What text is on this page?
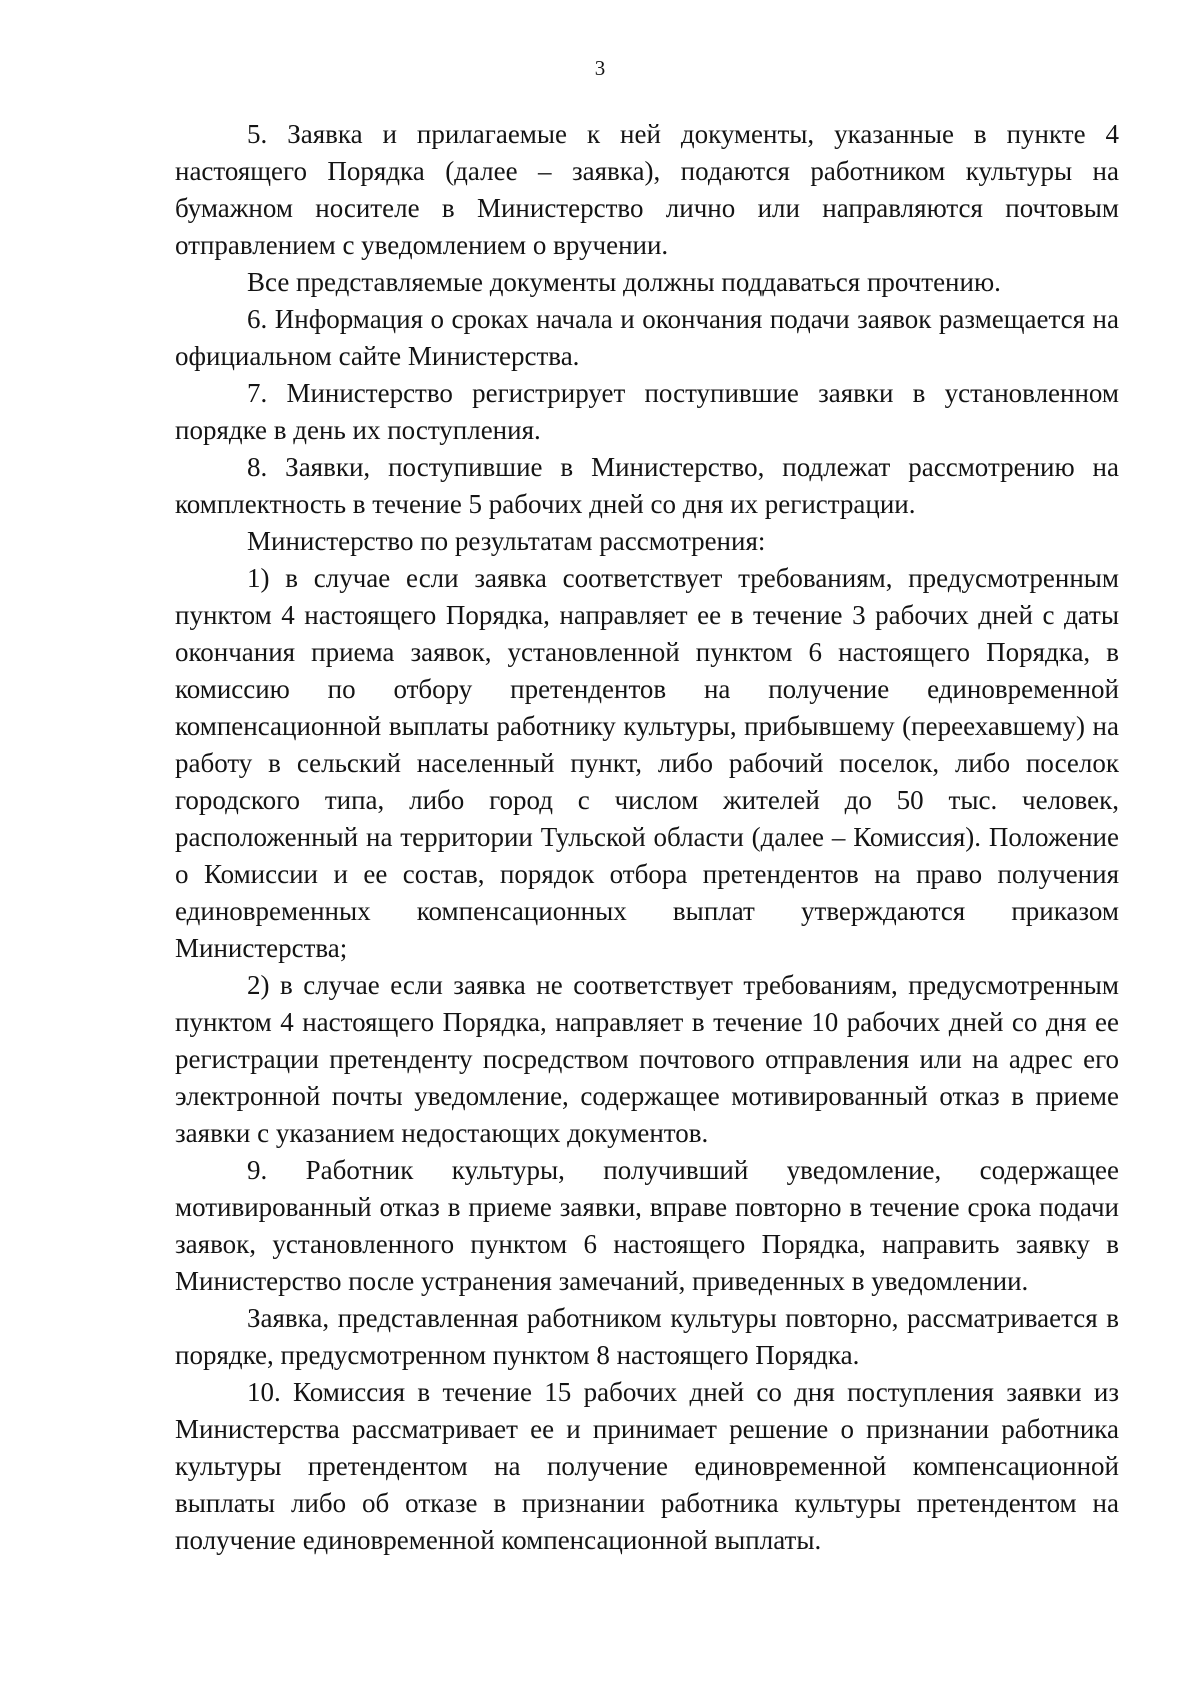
3

5. Заявка и прилагаемые к ней документы, указанные в пункте 4 настоящего Порядка (далее – заявка), подаются работником культуры на бумажном носителе в Министерство лично или направляются почтовым отправлением с уведомлением о вручении.

Все представляемые документы должны поддаваться прочтению.

6. Информация о сроках начала и окончания подачи заявок размещается на официальном сайте Министерства.

7. Министерство регистрирует поступившие заявки в установленном порядке в день их поступления.

8. Заявки, поступившие в Министерство, подлежат рассмотрению на комплектность в течение 5 рабочих дней со дня их регистрации.

Министерство по результатам рассмотрения:

1) в случае если заявка соответствует требованиям, предусмотренным пунктом 4 настоящего Порядка, направляет ее в течение 3 рабочих дней с даты окончания приема заявок, установленной пунктом 6 настоящего Порядка, в комиссию по отбору претендентов на получение единовременной компенсационной выплаты работнику культуры, прибывшему (переехавшему) на работу в сельский населенный пункт, либо рабочий поселок, либо поселок городского типа, либо город с числом жителей до 50 тыс. человек, расположенный на территории Тульской области (далее – Комиссия). Положение о Комиссии и ее состав, порядок отбора претендентов на право получения единовременных компенсационных выплат утверждаются приказом Министерства;

2) в случае если заявка не соответствует требованиям, предусмотренным пунктом 4 настоящего Порядка, направляет в течение 10 рабочих дней со дня ее регистрации претенденту посредством почтового отправления или на адрес его электронной почты уведомление, содержащее мотивированный отказ в приеме заявки с указанием недостающих документов.

9. Работник культуры, получивший уведомление, содержащее мотивированный отказ в приеме заявки, вправе повторно в течение срока подачи заявок, установленного пунктом 6 настоящего Порядка, направить заявку в Министерство после устранения замечаний, приведенных в уведомлении.

Заявка, представленная работником культуры повторно, рассматривается в порядке, предусмотренном пунктом 8 настоящего Порядка.

10. Комиссия в течение 15 рабочих дней со дня поступления заявки из Министерства рассматривает ее и принимает решение о признании работника культуры претендентом на получение единовременной компенсационной выплаты либо об отказе в признании работника культуры претендентом на получение единовременной компенсационной выплаты.
